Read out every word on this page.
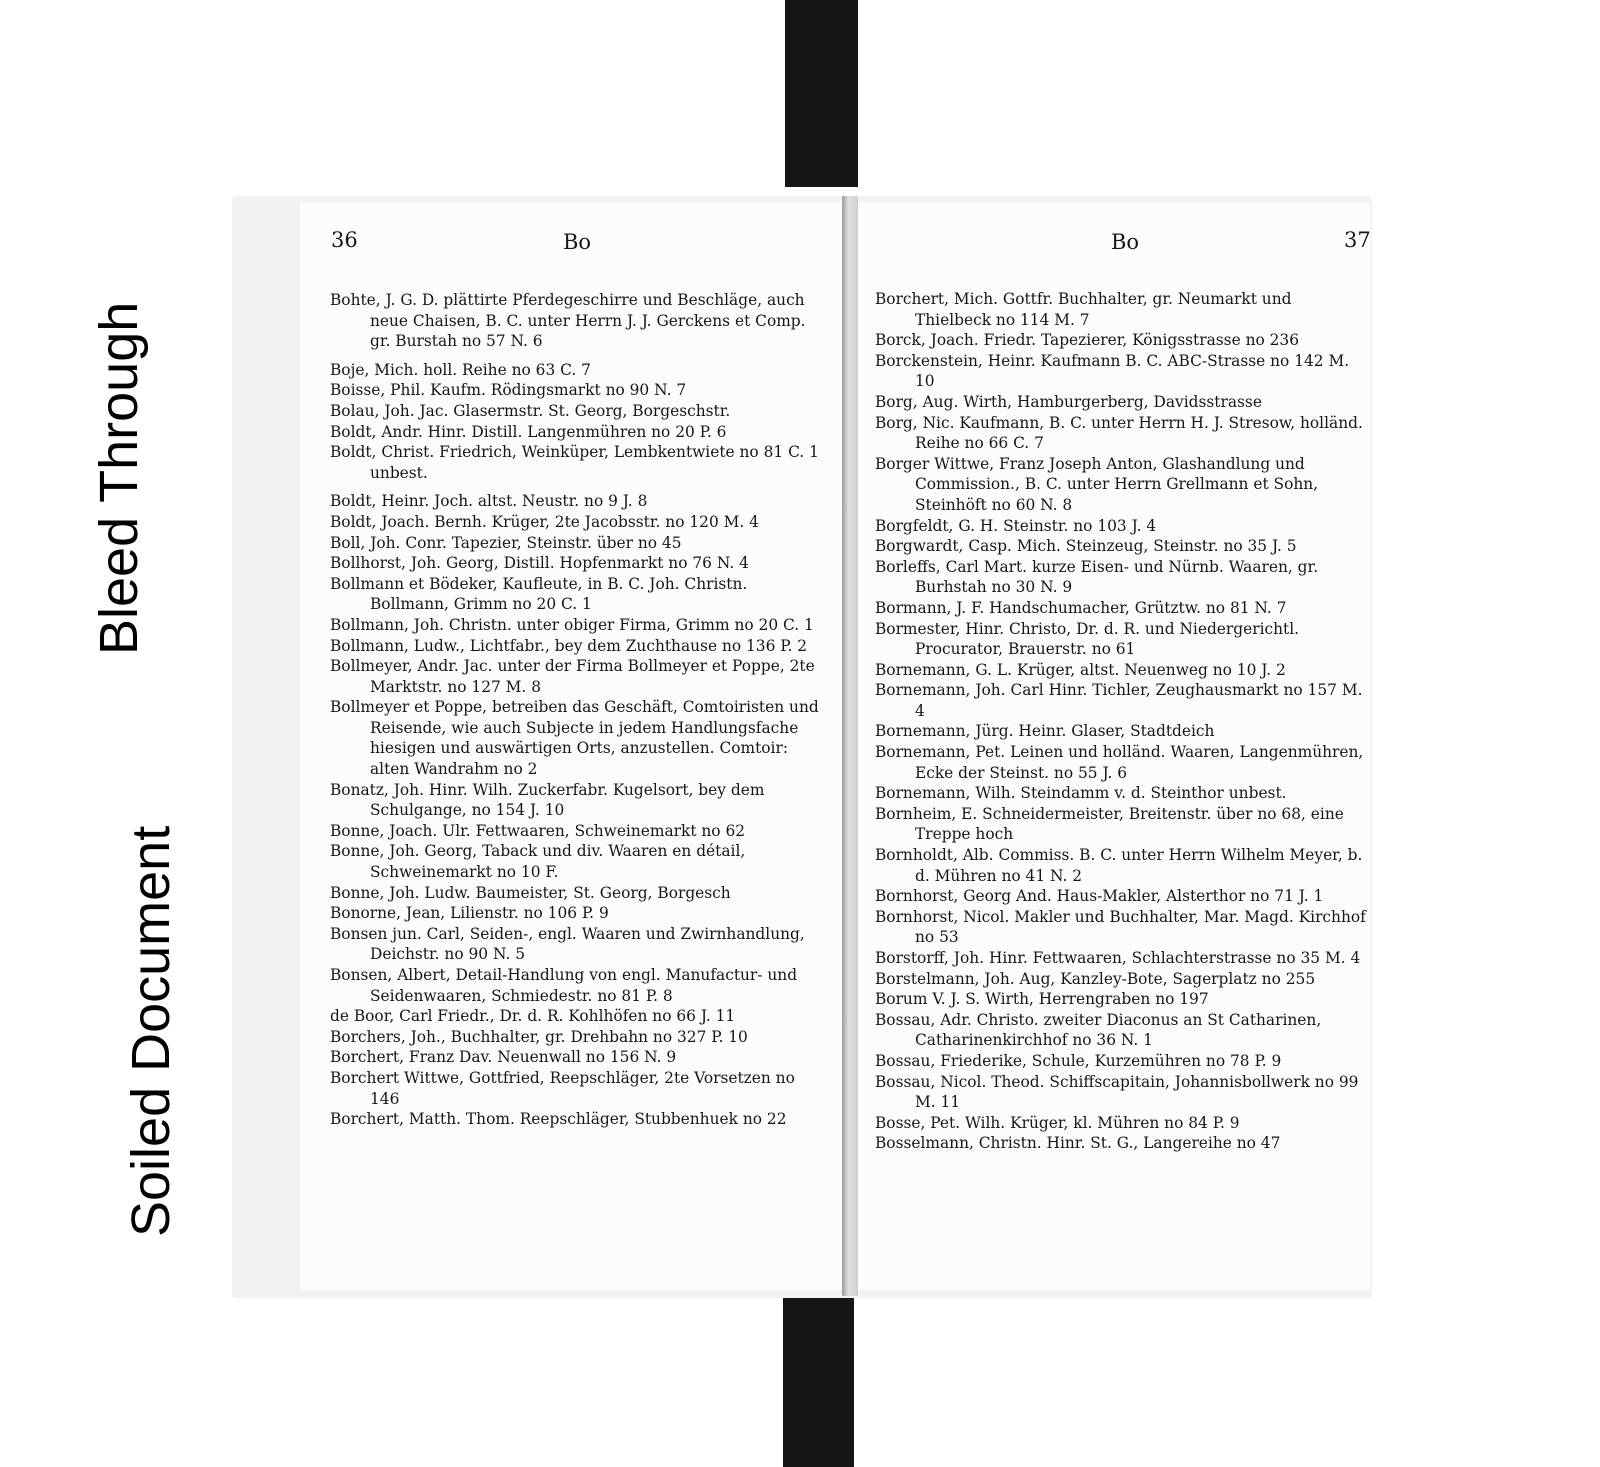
Soiled Document
Bleed Through
36	Bo	Bo	37

Bohte, J. G. D. plättirte Pferdegeschirre und Beschläge, auch neue Chaisen, B. C. unter Herrn J. J. Gerckens et Comp. gr. Burstah no 57 N. 6

Boje, Mich. holl. Reihe no 63 C. 7

Boisse, Phil. Kaufm. Rödingsmarkt no 90 N. 7

Bolau, Joh. Jac. Glasermstr. St. Georg, Borgeschstr.

Boldt, Andr. Hinr. Distill. Langenmühren no 20 P. 6

Boldt, Christ. Friedrich, Weinküper, Lembkentwiete no 81 C. 1 unbest.

Boldt, Heinr. Joch. altst. Neustr. no 9 J. 8

Boldt, Joach. Bernh. Krüger, 2te Jacobsstr. no 120 M. 4

Boll, Joh. Conr. Tapezier, Steinstr. über no 45

Bollhorst, Joh. Georg, Distill. Hopfenmarkt no 76 N. 4

Bollmann et Bödeker, Kaufleute, in B. C. Joh. Christn. Bollmann, Grimm no 20 C. 1

Bollmann, Joh. Christn. unter obiger Firma, Grimm no 20 C. 1

Bollmann, Ludw., Lichtfabr., bey dem Zuchthause no 136 P. 2

Bollmeyer, Andr. Jac. unter der Firma Bollmeyer et Poppe, 2te Marktstr. no 127 M. 8

Bollmeyer et Poppe, betreiben das Geschäft, Comtoiristen und Reisende, wie auch Subjecte in jedem Handlungsfache hiesigen und auswärtigen Orts, anzustellen. Comtoir: alten Wandrahm no 2

Bonatz, Joh. Hinr. Wilh. Zuckerfabr. Kugelsort, bey dem Schulgange, no 154 J. 10

Bonne, Joach. Ulr. Fettwaaren, Schweinemarkt no 62

Bonne, Joh. Georg, Taback und div. Waaren en détail, Schweinemarkt no 10 F.

Bonne, Joh. Ludw. Baumeister, St. Georg, Borgesch

Bonorne, Jean, Lilienstr. no 106 P. 9

Bonsen jun. Carl, Seiden-, engl. Waaren und Zwirnhandlung, Deichstr. no 90 N. 5

Bonsen, Albert, Detail-Handlung von engl. Manufactur- und Seidenwaaren, Schmiedestr. no 81 P. 8

de Boor, Carl Friedr., Dr. d. R. Kohlhöfen no 66 J. 11

Borchers, Joh., Buchhalter, gr. Drehbahn no 327 P. 10

Borchert, Franz Dav. Neuenwall no 156 N. 9

Borchert Wittwe, Gottfried, Reepschläger, 2te Vorsetzen no 146

Borchert, Matth. Thom. Reepschläger, Stubbenhuek no 22

Borchert, Mich. Gottfr. Buchhalter, gr. Neumarkt und Thielbeck no 114 M. 7

Borck, Joach. Friedr. Tapezierer, Königsstrasse no 236

Borckenstein, Heinr. Kaufmann B. C. ABC-Strasse no 142 M. 10

Borg, Aug. Wirth, Hamburgerberg, Davidsstrasse

Borg, Nic. Kaufmann, B. C. unter Herrn H. J. Stresow, holländ. Reihe no 66 C. 7

Borger Wittwe, Franz Joseph Anton, Glashandlung und Commission., B. C. unter Herrn Grellmann et Sohn, Steinhöft no 60 N. 8

Borgfeldt, G. H. Steinstr. no 103 J. 4

Borgwardt, Casp. Mich. Steinzeug, Steinstr. no 35 J. 5

Borleffs, Carl Mart. kurze Eisen- und Nürnb. Waaren, gr. Burhstah no 30 N. 9

Bormann, J. F. Handschumacher, Grütztw. no 81 N. 7

Bormester, Hinr. Christo, Dr. d. R. und Niedergerichtl. Procurator, Brauerstr. no 61

Bornemann, G. L. Krüger, altst. Neuenweg no 10 J. 2

Bornemann, Joh. Carl Hinr. Tichler, Zeughausmarkt no 157 M. 4

Bornemann, Jürg. Heinr. Glaser, Stadtdeich

Bornemann, Pet. Leinen und holländ. Waaren, Langenmühren, Ecke der Steinst. no 55 J. 6

Bornemann, Wilh. Steindamm v. d. Steinthor unbest.

Bornheim, E. Schneidermeister, Breitenstr. über no 68, eine Treppe hoch

Bornholdt, Alb. Commiss. B. C. unter Herrn Wilhelm Meyer, b. d. Mühren no 41 N. 2

Bornhorst, Georg And. Haus-Makler, Alsterthor no 71 J. 1

Bornhorst, Nicol. Makler und Buchhalter, Mar. Magd. Kirchhof no 53

Borstorff, Joh. Hinr. Fettwaaren, Schlachterstrasse no 35 M. 4

Borstelmann, Joh. Aug, Kanzley-Bote, Sagerplatz no 255

Borum V. J. S. Wirth, Herrengraben no 197

Bossau, Adr. Christo. zweiter Diaconus an St Catharinen, Catharinenkirchhof no 36 N. 1

Bossau, Friederike, Schule, Kurzemühren no 78 P. 9

Bossau, Nicol. Theod. Schiffscapitain, Johannisbollwerk no 99 M. 11

Bosse, Pet. Wilh. Krüger, kl. Mühren no 84 P. 9

Bosselmann, Christn. Hinr. St. G., Langereihe no 47
